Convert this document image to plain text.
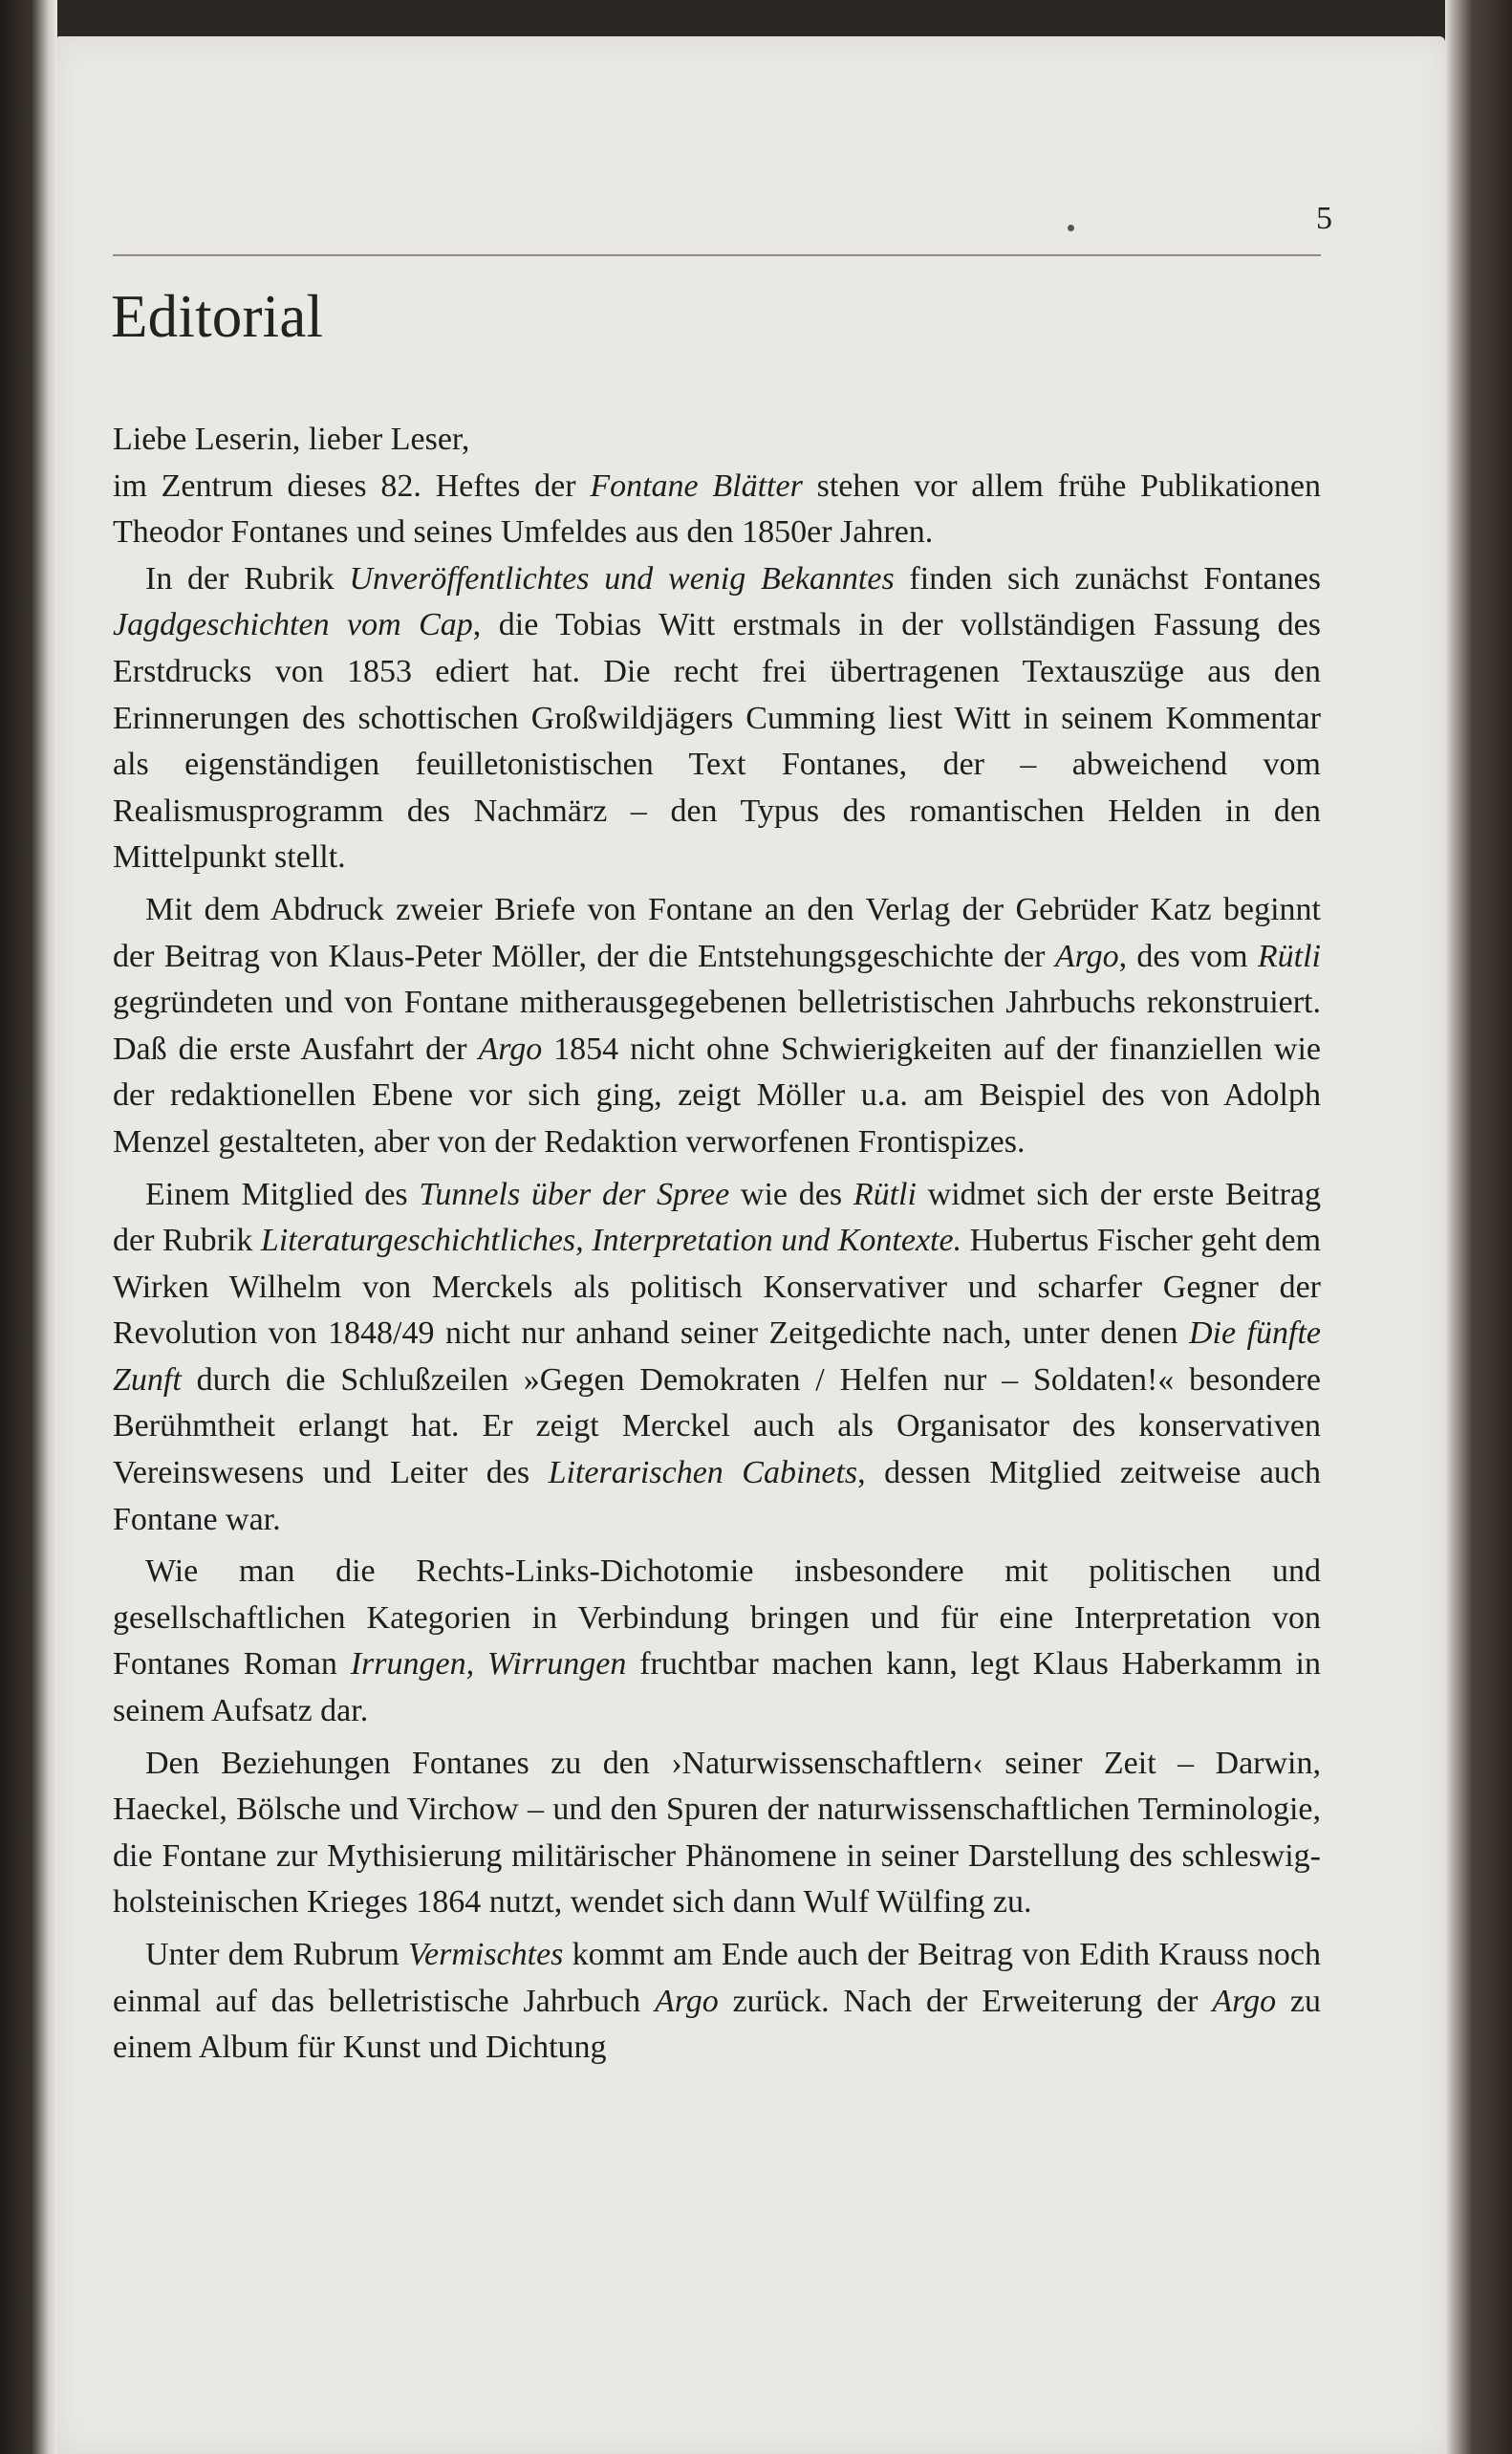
5
Editorial

Liebe Leserin, lieber Leser,

im Zentrum dieses 82. Heftes der Fontane Blätter stehen vor allem frühe Publikationen Theodor Fontanes und seines Umfeldes aus den 1850er Jahren.

In der Rubrik Unveröffentlichtes und wenig Bekanntes finden sich zunächst Fontanes Jagdgeschichten vom Cap, die Tobias Witt erstmals in der vollständigen Fassung des Erstdrucks von 1853 ediert hat. Die recht frei übertragenen Textauszüge aus den Erinnerungen des schottischen Großwildjägers Cumming liest Witt in seinem Kommentar als eigenständigen feuilletonistischen Text Fontanes, der – abweichend vom Realismusprogramm des Nachmärz – den Typus des romantischen Helden in den Mittelpunkt stellt.

Mit dem Abdruck zweier Briefe von Fontane an den Verlag der Gebrüder Katz beginnt der Beitrag von Klaus-Peter Möller, der die Entstehungsgeschichte der Argo, des vom Rütli gegründeten und von Fontane mitherausgegebenen belletristischen Jahrbuchs rekonstruiert. Daß die erste Ausfahrt der Argo 1854 nicht ohne Schwierigkeiten auf der finanziellen wie der redaktionellen Ebene vor sich ging, zeigt Möller u.a. am Beispiel des von Adolph Menzel gestalteten, aber von der Redaktion verworfenen Frontispizes.

Einem Mitglied des Tunnels über der Spree wie des Rütli widmet sich der erste Beitrag der Rubrik Literaturgeschichtliches, Interpretation und Kontexte. Hubertus Fischer geht dem Wirken Wilhelm von Merckels als politisch Konservativer und scharfer Gegner der Revolution von 1848/49 nicht nur anhand seiner Zeitgedichte nach, unter denen Die fünfte Zunft durch die Schlußzeilen »Gegen Demokraten / Helfen nur – Soldaten!« besondere Berühmtheit erlangt hat. Er zeigt Merckel auch als Organisator des konservativen Vereinswesens und Leiter des Literarischen Cabinets, dessen Mitglied zeitweise auch Fontane war.

Wie man die Rechts-Links-Dichotomie insbesondere mit politischen und gesellschaftlichen Kategorien in Verbindung bringen und für eine Interpretation von Fontanes Roman Irrungen, Wirrungen fruchtbar machen kann, legt Klaus Haberkamm in seinem Aufsatz dar.

Den Beziehungen Fontanes zu den ›Naturwissenschaftlern‹ seiner Zeit – Darwin, Haeckel, Bölsche und Virchow – und den Spuren der naturwissenschaftlichen Terminologie, die Fontane zur Mythisierung militärischer Phänomene in seiner Darstellung des schleswig-holsteinischen Krieges 1864 nutzt, wendet sich dann Wulf Wülfing zu.

Unter dem Rubrum Vermischtes kommt am Ende auch der Beitrag von Edith Krauss noch einmal auf das belletristische Jahrbuch Argo zurück. Nach der Erweiterung der Argo zu einem Album für Kunst und Dichtung
